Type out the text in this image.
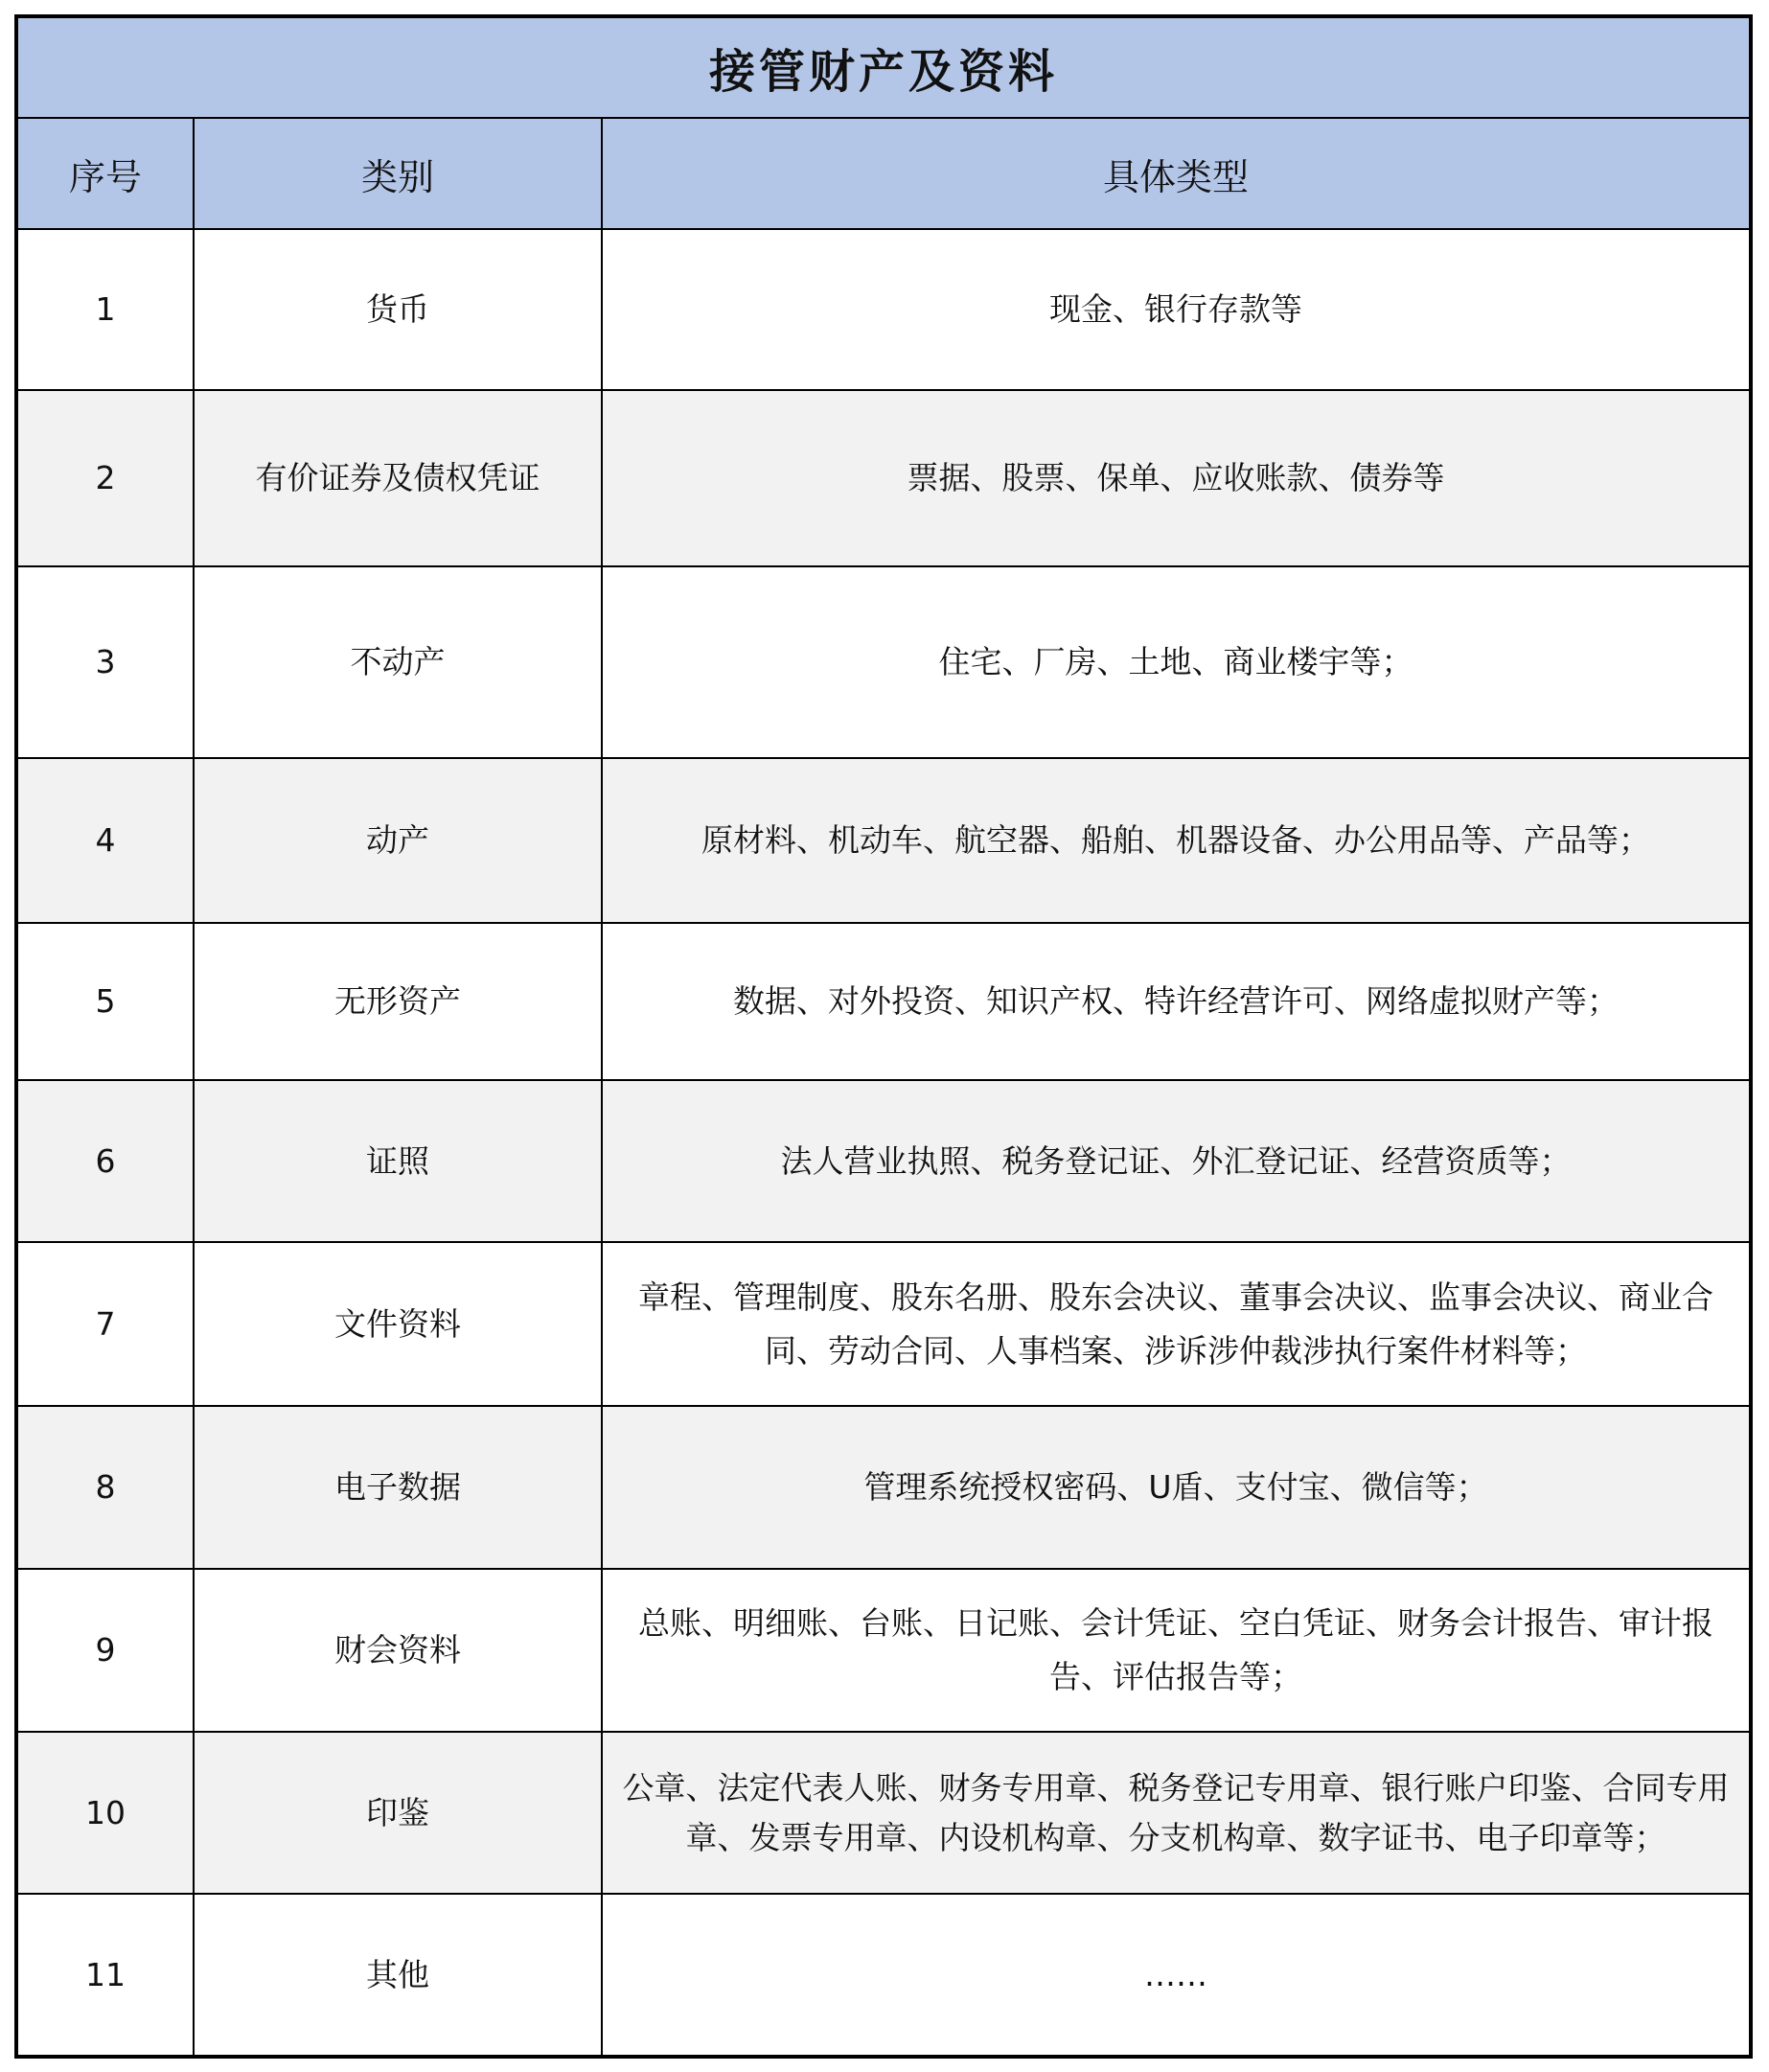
接管财产及资料		
序号	类别	具体类型
1	货币	现金、银行存款等
2	有价证券及债权凭证	票据、股票、保单、应收账款、债券等
3	不动产	住宅、厂房、土地、商业楼宇等；
4	动产	原材料、机动车、航空器、船舶、机器设备、办公用品等、产品等；
5	无形资产	数据、对外投资、知识产权、特许经营许可、网络虚拟财产等；
6	证照	法人营业执照、税务登记证、外汇登记证、经营资质等；
7	文件资料	章程、管理制度、股东名册、股东会决议、董事会决议、监事会决议、商业合同、劳动合同、人事档案、涉诉涉仲裁涉执行案件材料等；
8	电子数据	管理系统授权密码、U盾、支付宝、微信等；
9	财会资料	总账、明细账、台账、日记账、会计凭证、空白凭证、财务会计报告、审计报告、评估报告等；
10	印鉴	公章、法定代表人账、财务专用章、税务登记专用章、银行账户印鉴、合同专用章、发票专用章、内设机构章、分支机构章、数字证书、电子印章等；
11	其他	……
